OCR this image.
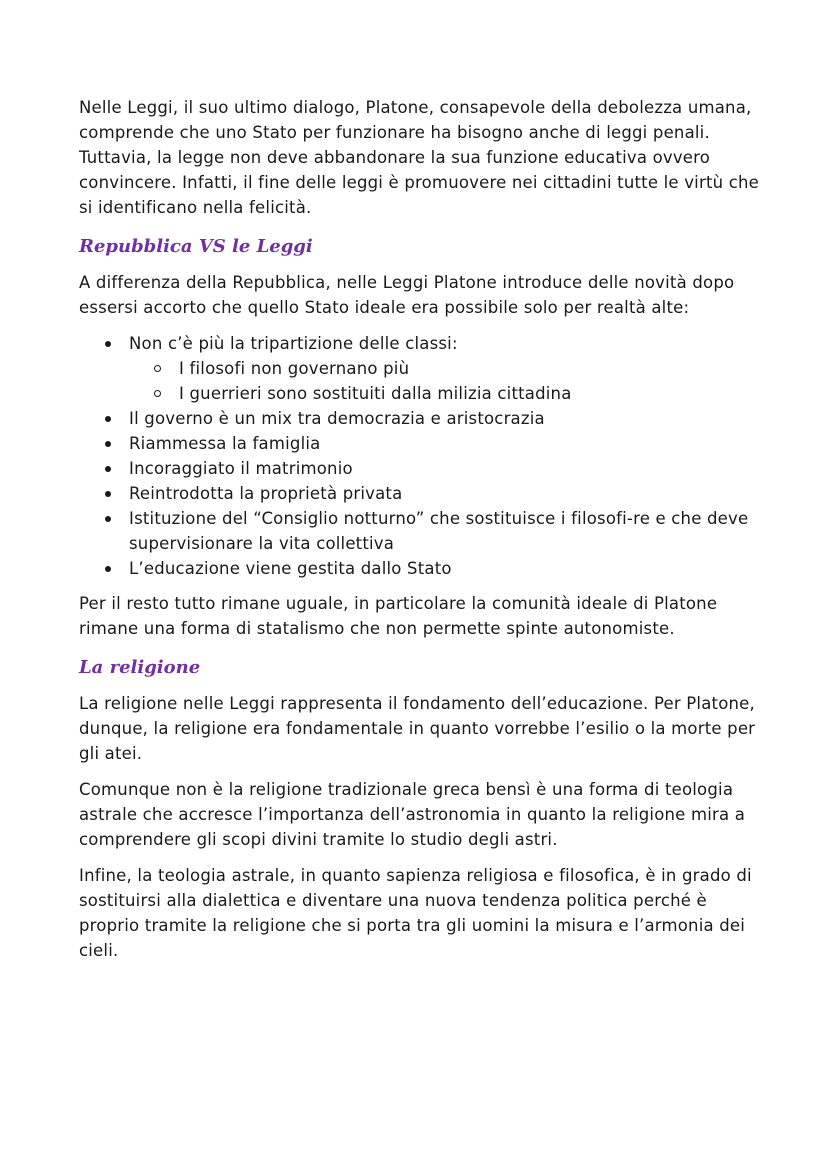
Nelle Leggi, il suo ultimo dialogo, Platone, consapevole della debolezza umana, comprende che uno Stato per funzionare ha bisogno anche di leggi penali. Tuttavia, la legge non deve abbandonare la sua funzione educativa ovvero convincere. Infatti, il fine delle leggi è promuovere nei cittadini tutte le virtù che si identificano nella felicità.

Repubblica VS le Leggi

A differenza della Repubblica, nelle Leggi Platone introduce delle novità dopo essersi accorto che quello Stato ideale era possibile solo per realtà alte:

Non c’è più la tripartizione delle classi:
I filosofi non governano più
I guerrieri sono sostituiti dalla milizia cittadina
Il governo è un mix tra democrazia e aristocrazia
Riammessa la famiglia
Incoraggiato il matrimonio
Reintrodotta la proprietà privata
Istituzione del “Consiglio notturno” che sostituisce i filosofi-re e che deve supervisionare la vita collettiva
L’educazione viene gestita dallo Stato

Per il resto tutto rimane uguale, in particolare la comunità ideale di Platone rimane una forma di statalismo che non permette spinte autonomiste.

La religione

La religione nelle Leggi rappresenta il fondamento dell’educazione. Per Platone, dunque, la religione era fondamentale in quanto vorrebbe l’esilio o la morte per gli atei.

Comunque non è la religione tradizionale greca bensì è una forma di teologia astrale che accresce l’importanza dell’astronomia in quanto la religione mira a comprendere gli scopi divini tramite lo studio degli astri.

Infine, la teologia astrale, in quanto sapienza religiosa e filosofica, è in grado di sostituirsi alla dialettica e diventare una nuova tendenza politica perché è proprio tramite la religione che si porta tra gli uomini la misura e l’armonia dei cieli.
